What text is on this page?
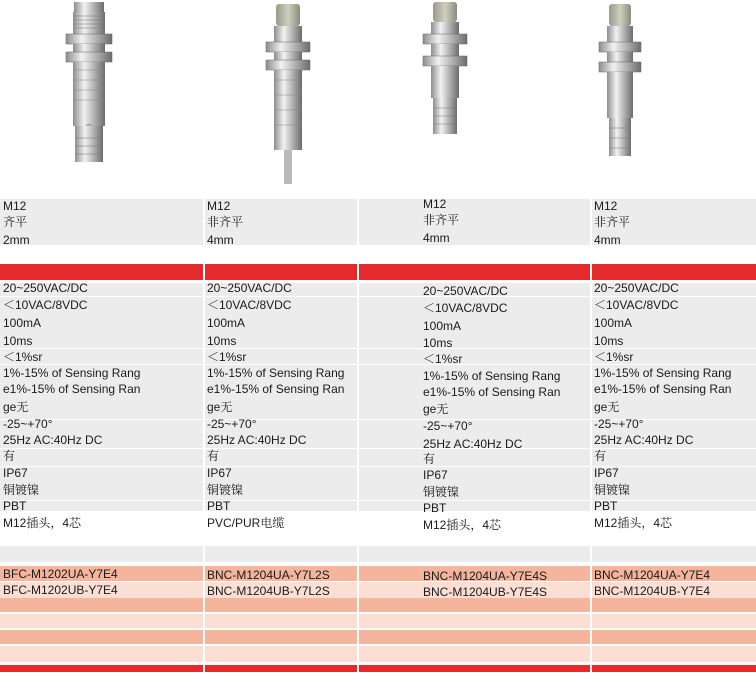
M12
齐平
2mm
20~250VAC/DC
＜10VAC/8VDC
100mA
10ms
＜1%sr
1%-15% of Sensing Rang
e1%-15% of Sensing Ran
ge无
-25~+70°
25Hz AC:40Hz DC
有
IP67
铜镀镍
PBT
M12插头，4芯
BFC-M1202UA-Y7E4
BFC-M1202UB-Y7E4
M12
非齐平
4mm
20~250VAC/DC
＜10VAC/8VDC
100mA
10ms
＜1%sr
1%-15% of Sensing Rang
e1%-15% of Sensing Ran
ge无
-25~+70°
25Hz AC:40Hz DC
有
IP67
铜镀镍
PBT
PVC/PUR电缆
BNC-M1204UA-Y7L2S
BNC-M1204UB-Y7L2S
M12
非齐平
4mm
20~250VAC/DC
＜10VAC/8VDC
100mA
10ms
＜1%sr
1%-15% of Sensing Rang
e1%-15% of Sensing Ran
ge无
-25~+70°
25Hz AC:40Hz DC
有
IP67
铜镀镍
PBT
M12插头，4芯
BNC-M1204UA-Y7E4S
BNC-M1204UB-Y7E4S
M12
非齐平
4mm
20~250VAC/DC
＜10VAC/8VDC
100mA
10ms
＜1%sr
1%-15% of Sensing Rang
e1%-15% of Sensing Ran
ge无
-25~+70°
25Hz AC:40Hz DC
有
IP67
铜镀镍
PBT
M12插头，4芯
BNC-M1204UA-Y7E4
BNC-M1204UB-Y7E4
